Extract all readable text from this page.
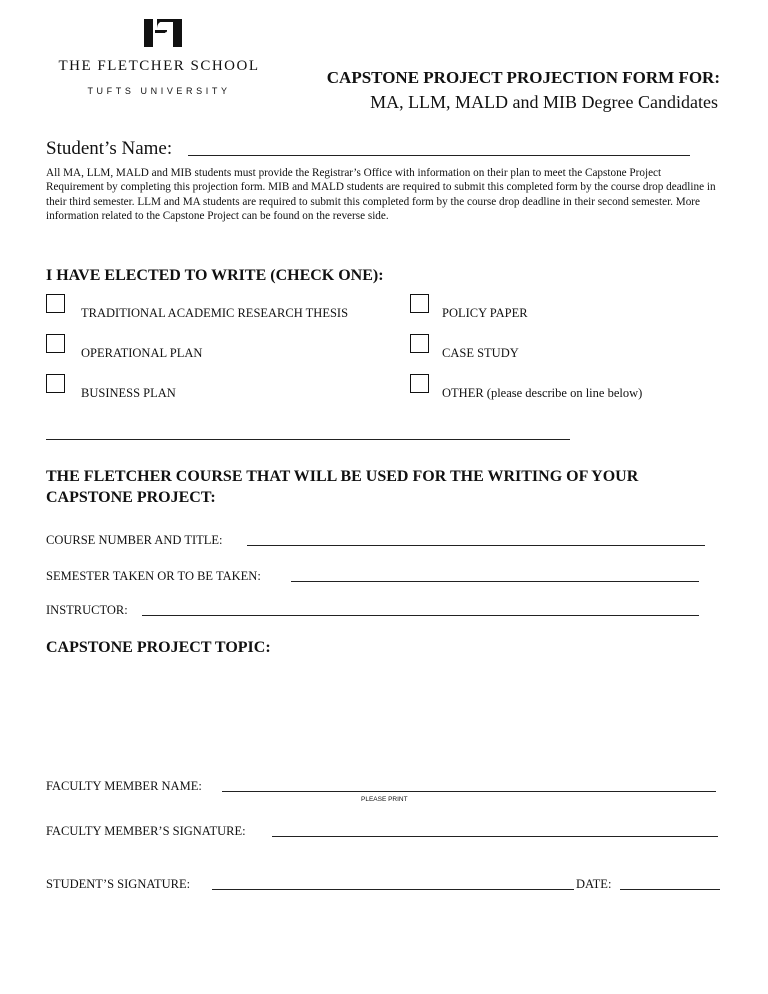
ƒ
THE FLETCHER SCHOOL
TUFTS UNIVERSITY
CAPSTONE PROJECT PROJECTION FORM FOR:
MA, LLM, MALD and MIB Degree Candidates
Student’s Name:
All MA, LLM, MALD and MIB students must provide the Registrar’s Office with information on their plan to meet the Capstone Project Requirement by completing this projection form. MIB and MALD students are required to submit this completed form by the course drop deadline in their third semester. LLM and MA students are required to submit this completed form by the course drop deadline in their second semester. More information related to the Capstone Project can be found on the reverse side.
I HAVE ELECTED TO WRITE (CHECK ONE):
TRADITIONAL ACADEMIC RESEARCH THESIS	POLICY PAPER
OPERATIONAL PLAN	CASE STUDY
BUSINESS PLAN	OTHER (please describe on line below)
THE FLETCHER COURSE THAT WILL BE USED FOR THE WRITING OF YOUR
CAPSTONE PROJECT:
COURSE NUMBER AND TITLE:
SEMESTER TAKEN OR TO BE TAKEN:
INSTRUCTOR:
CAPSTONE PROJECT TOPIC:
FACULTY MEMBER NAME:
PLEASE PRINT
FACULTY MEMBER’S SIGNATURE:
STUDENT’S SIGNATURE:	DATE:
